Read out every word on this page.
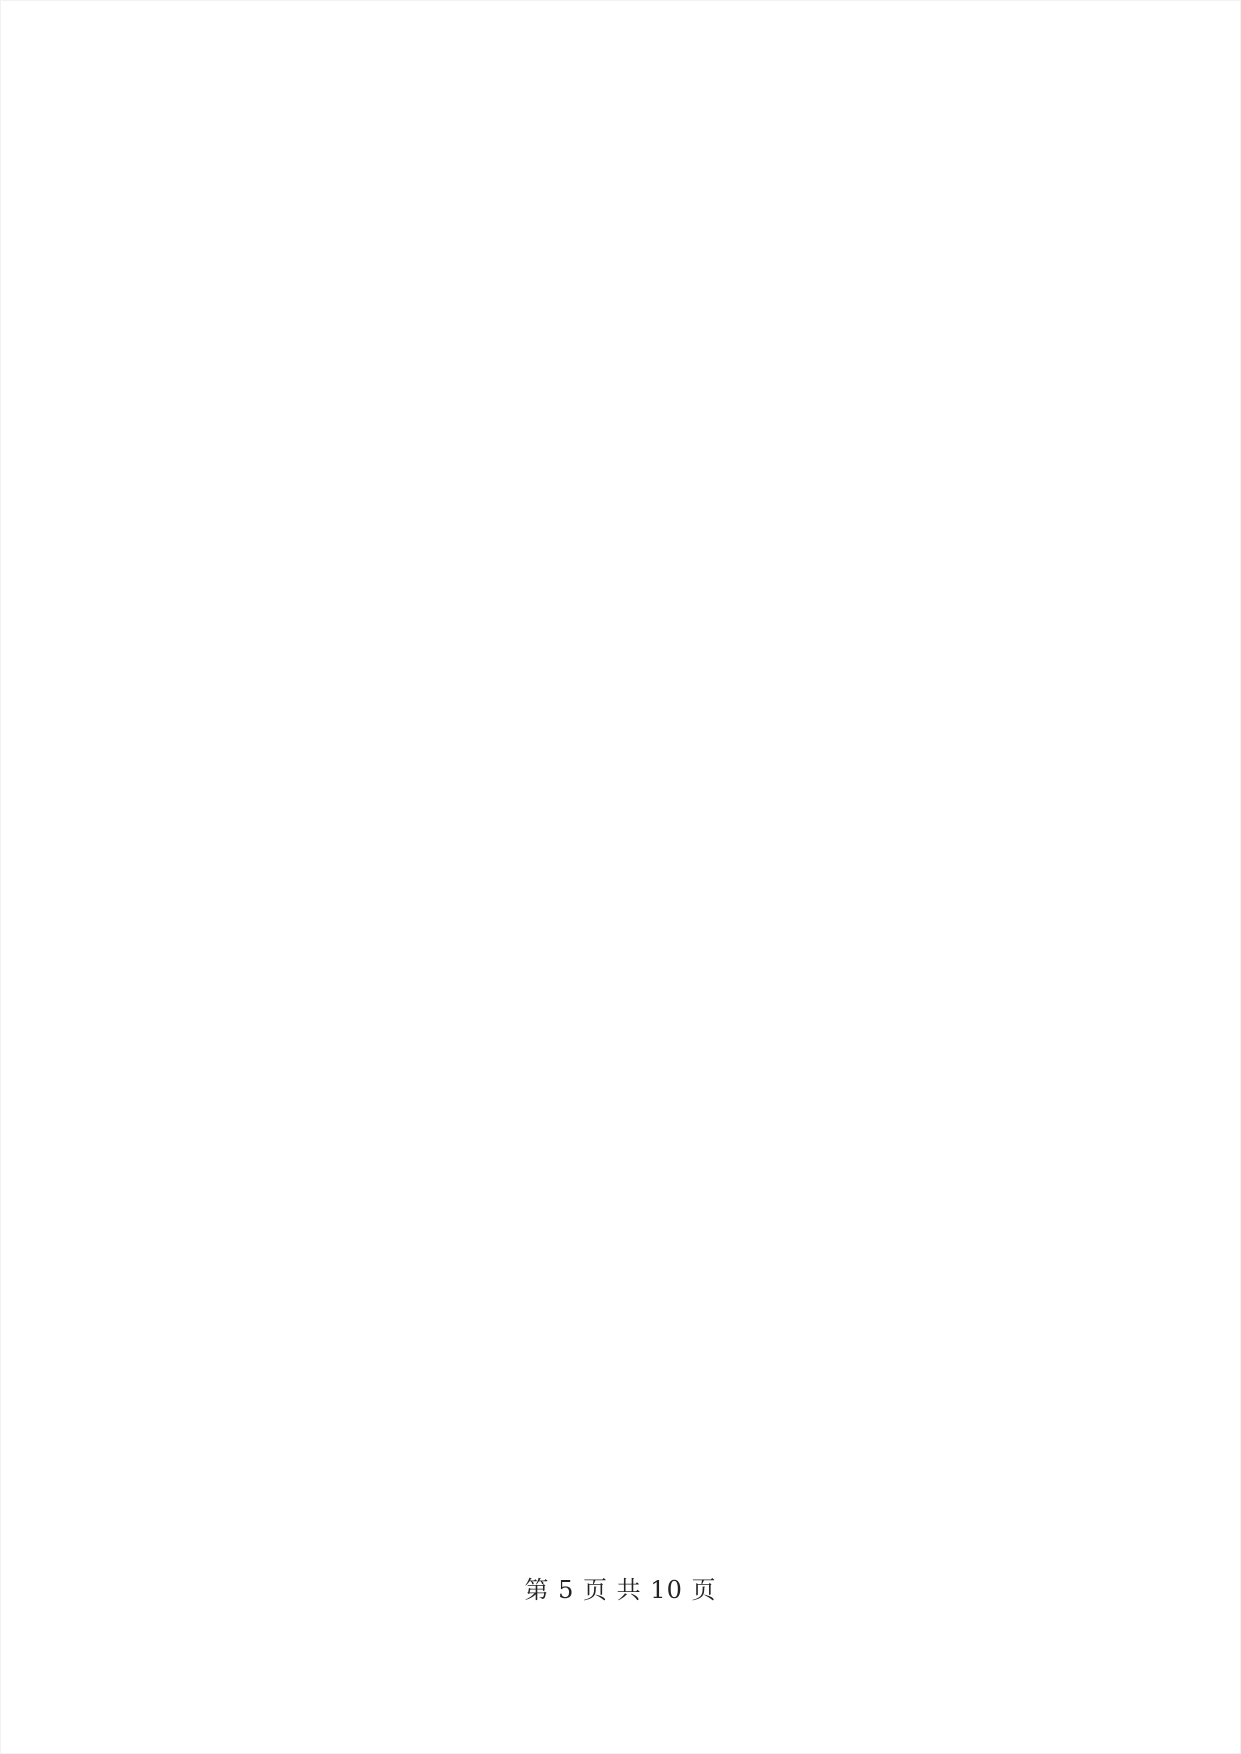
第 5 页 共 10 页
